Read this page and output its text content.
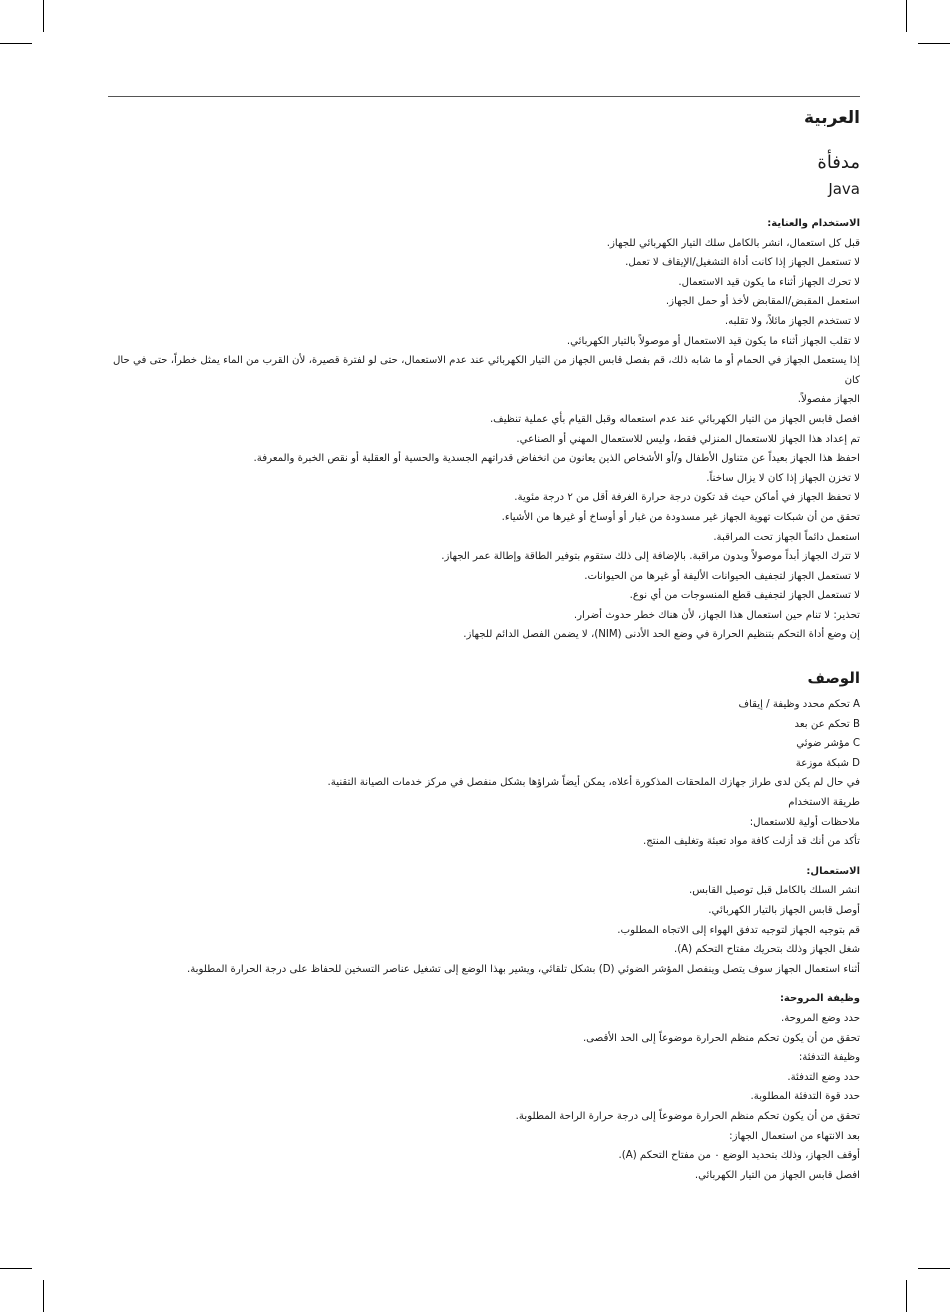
العربية
مدفأة
Java

الاستخدام والعناية:

قبل كل استعمال، انشر بالكامل سلك التيار الكهربائي للجهاز.

لا تستعمل الجهاز إذا كانت أداة التشغيل/الإيقاف لا تعمل.

لا تحرك الجهاز أثناء ما يكون قيد الاستعمال.

استعمل المقبض/المقابض لأخذ أو حمل الجهاز.

لا تستخدم الجهاز مائلاً، ولا تقلبه.

لا تقلب الجهاز أثناء ما يكون قيد الاستعمال أو موصولاً بالتيار الكهربائي.

إذا يستعمل الجهاز في الحمام أو ما شابه ذلك، قم بفصل قابس الجهاز من التيار الكهربائي عند عدم الاستعمال، حتى لو لفترة قصيرة، لأن القرب من الماء يمثل خطراً، حتى في حال كان

الجهاز مفصولاً.

افصل قابس الجهاز من التيار الكهربائي عند عدم استعماله وقبل القيام بأي عملية تنظيف.

تم إعداد هذا الجهاز للاستعمال المنزلي فقط، وليس للاستعمال المهني أو الصناعي.

احفظ هذا الجهاز بعيداً عن متناول الأطفال و/أو الأشخاص الذين يعانون من انخفاض قدراتهم الجسدية والحسية أو العقلية أو نقص الخبرة والمعرفة.

لا تخزن الجهاز إذا كان لا يزال ساخناً.

لا تحفظ الجهاز في أماكن حيث قد تكون درجة حرارة الغرفة أقل من ٢ درجة مئوية.

تحقق من أن شبكات تهوية الجهاز غير مسدودة من غبار أو أوساخ أو غيرها من الأشياء.

استعمل دائماً الجهاز تحت المراقبة.

لا تترك الجهاز أبداً موصولاً وبدون مراقبة. بالإضافة إلى ذلك ستقوم بتوفير الطاقة وإطالة عمر الجهاز.

لا تستعمل الجهاز لتجفيف الحيوانات الأليفة أو غيرها من الحيوانات.

لا تستعمل الجهاز لتجفيف قطع المنسوجات من أي نوع.

تحذير: لا تنام حين استعمال هذا الجهاز، لأن هناك خطر حدوث أضرار.

إن وضع أداة التحكم بتنظيم الحرارة في وضع الحد الأدنى (NIM)، لا يضمن الفصل الدائم للجهاز.

الوصف

A تحكم محدد وظيفة / إيقاف

B تحكم عن بعد

C مؤشر ضوئي

D شبكة موزعة

في حال لم يكن لدى طراز جهازك الملحقات المذكورة أعلاه، يمكن أيضاً شراؤها بشكل منفصل في مركز خدمات الصيانة التقنية.

طريقة الاستخدام

ملاحظات أولية للاستعمال:

تأكد من أنك قد أزلت كافة مواد تعبئة وتغليف المنتج.

الاستعمال:

انشر السلك بالكامل قبل توصيل القابس.

أوصل قابس الجهاز بالتيار الكهربائي.

قم بتوجيه الجهاز لتوجيه تدفق الهواء إلى الاتجاه المطلوب.

شغل الجهاز وذلك بتحريك مفتاح التحكم (A).

أثناء استعمال الجهاز سوف يتصل وينفصل المؤشر الضوئي (D) بشكل تلقائي، ويشير بهذا الوضع إلى تشغيل عناصر التسخين للحفاظ على درجة الحرارة المطلوبة.

وظيفة المروحة:

حدد وضع المروحة.

تحقق من أن يكون تحكم منظم الحرارة موضوعاً إلى الحد الأقصى.

وظيفة التدفئة:

حدد وضع التدفئة.

حدد قوة التدفئة المطلوبة.

تحقق من أن يكون تحكم منظم الحرارة موضوعاً إلى درجة حرارة الراحة المطلوبة.

بعد الانتهاء من استعمال الجهاز:

أوقف الجهاز، وذلك بتحديد الوضع ٠ من مفتاح التحكم (A).

افصل قابس الجهاز من التيار الكهربائي.
